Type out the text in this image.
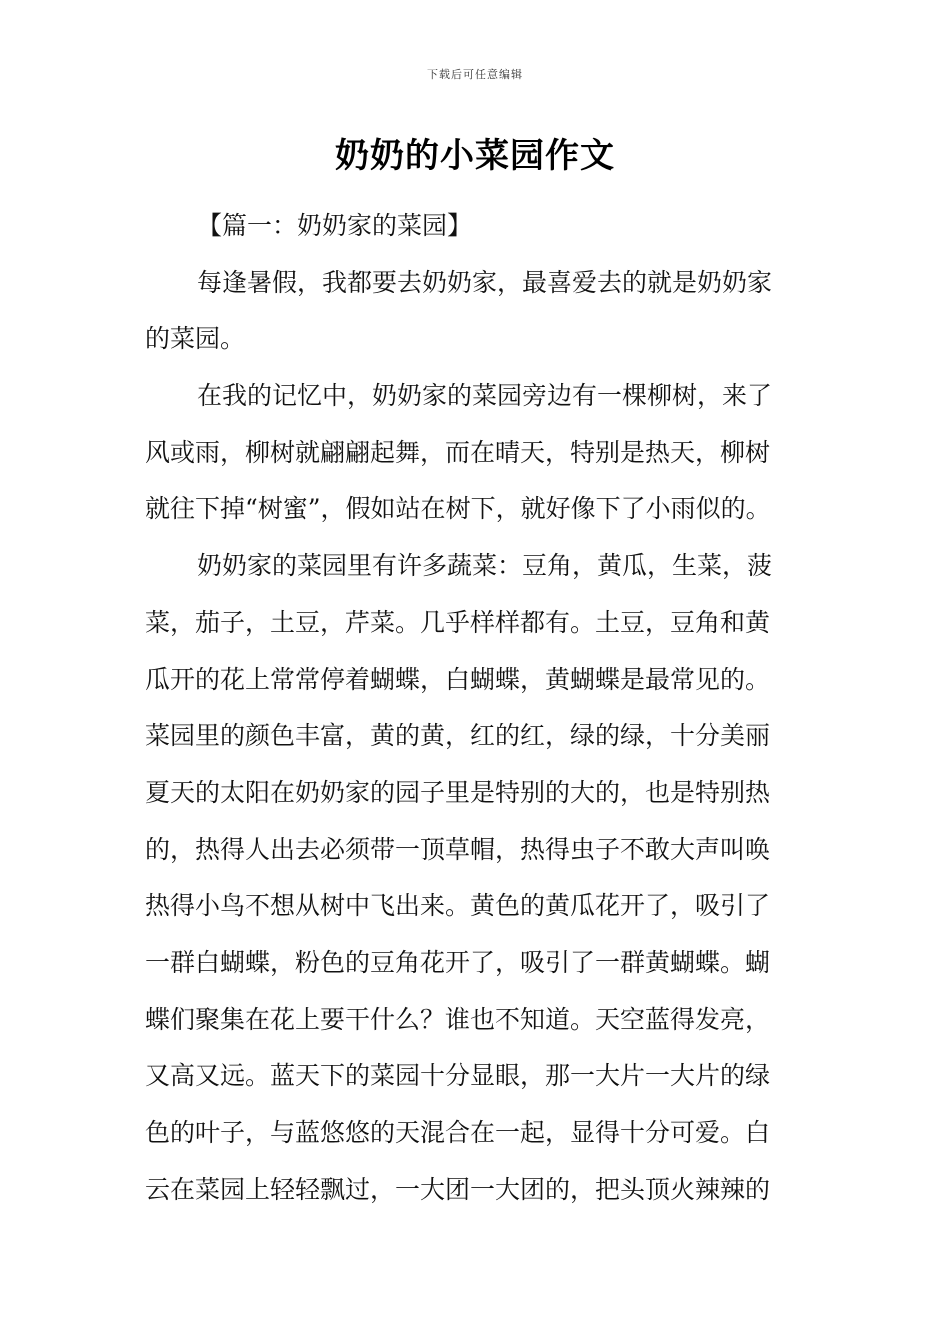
下载后可任意编辑
奶奶的小菜园作文
【篇一：奶奶家的菜园】
每逢暑假，我都要去奶奶家，最喜爱去的就是奶奶家
的菜园。
在我的记忆中，奶奶家的菜园旁边有一棵柳树，来了
风或雨，柳树就翩翩起舞，而在晴天，特别是热天，柳树
就往下掉“树蜜”，假如站在树下，就好像下了小雨似的。
奶奶家的菜园里有许多蔬菜：豆角，黄瓜，生菜，菠
菜，茄子，土豆，芹菜。几乎样样都有。土豆，豆角和黄
瓜开的花上常常停着蝴蝶，白蝴蝶，黄蝴蝶是最常见的。
菜园里的颜色丰富，黄的黄，红的红，绿的绿，十分美丽
夏天的太阳在奶奶家的园子里是特别的大的，也是特别热
的，热得人出去必须带一顶草帽，热得虫子不敢大声叫唤
热得小鸟不想从树中飞出来。黄色的黄瓜花开了，吸引了
一群白蝴蝶，粉色的豆角花开了，吸引了一群黄蝴蝶。蝴
蝶们聚集在花上要干什么？谁也不知道。天空蓝得发亮，
又高又远。蓝天下的菜园十分显眼，那一大片一大片的绿
色的叶子，与蓝悠悠的天混合在一起，显得十分可爱。白
云在菜园上轻轻飘过，一大团一大团的，把头顶火辣辣的
